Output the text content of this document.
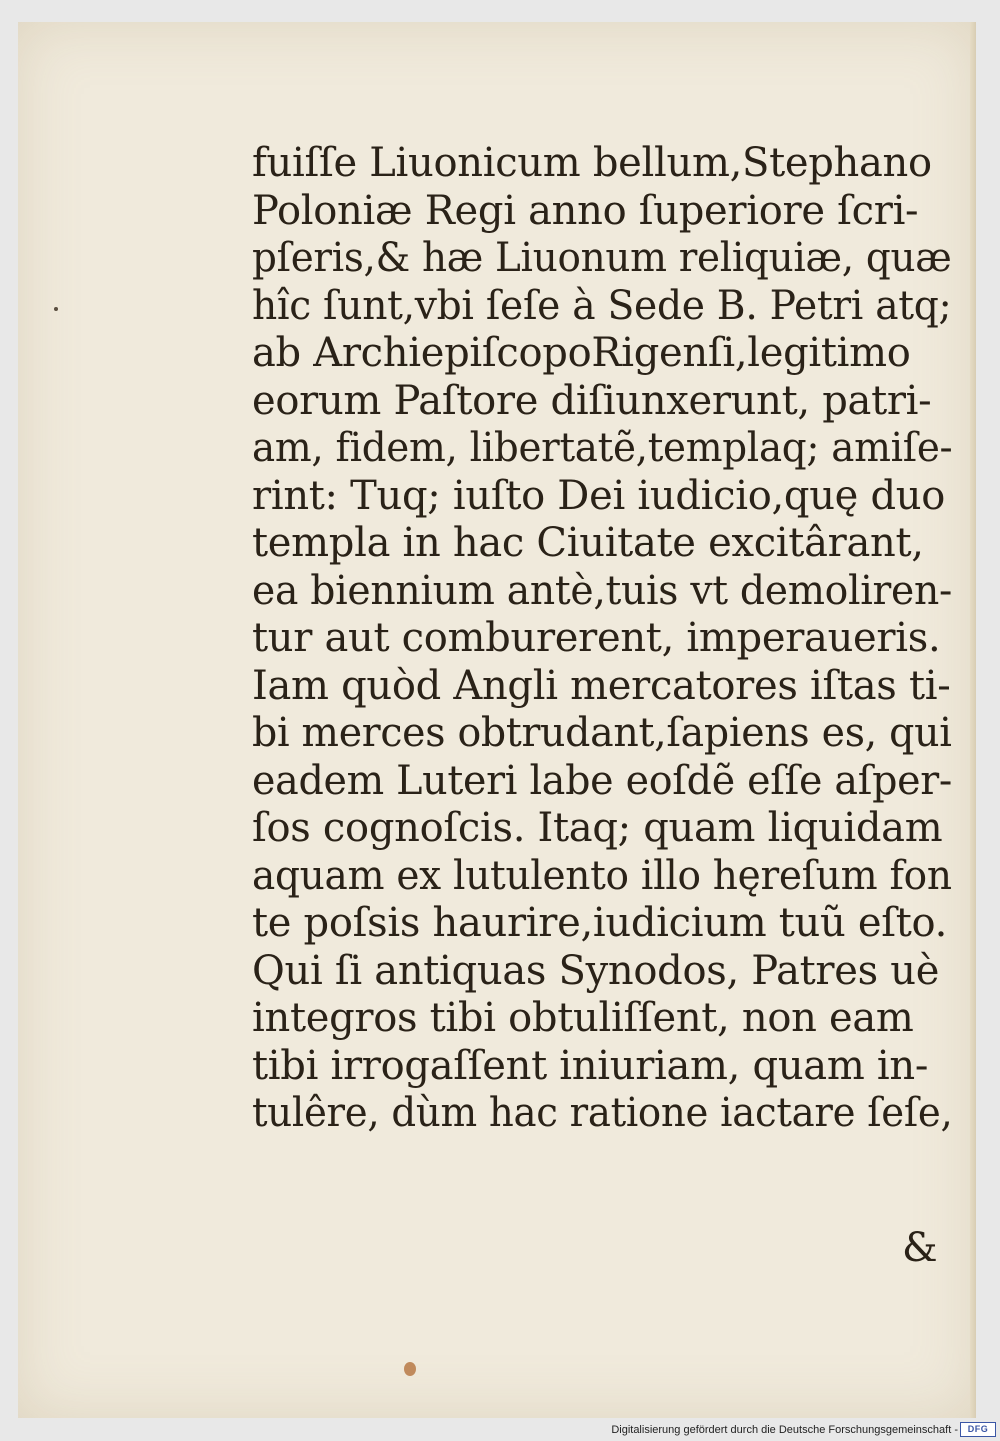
fuiſſe Liuonicum bellum,Stephano
Poloniæ Regi anno ſuperiore ſcri-
pſeris,& hæ Liuonum reliquiæ, quæ
hîc ſunt,vbi ſeſe à Sede B. Petri atq;
ab ArchiepiſcopoRigenſi,legitimo
eorum Paſtore diſiunxerunt, patri-
am, fidem, libertatẽ,templaq; amiſe-
rint: Tuq; iuſto Dei iudicio,quę duo
templa in hac Ciuitate excitârant,
ea biennium antè,tuis vt demoliren-
tur aut comburerent, imperaueris.
Iam quòd Angli mercatores iſtas ti-
bi merces obtrudant,ſapiens es, qui
eadem Luteri labe eoſdẽ eſſe aſper-
ſos cognoſcis. Itaq; quam liquidam
aquam ex lutulento illo hęreſum fon
te poſsis haurire,iudicium tuũ eſto.
Qui ſi antiquas Synodos, Patres uè
integros tibi obtuliſſent, non eam
tibi irrogaſſent iniuriam, quam in-
tulêre, dùm hac ratione iactare ſeſe,
&
Digitalisierung gefördert durch die Deutsche Forschungsgemeinschaft -	DFG
